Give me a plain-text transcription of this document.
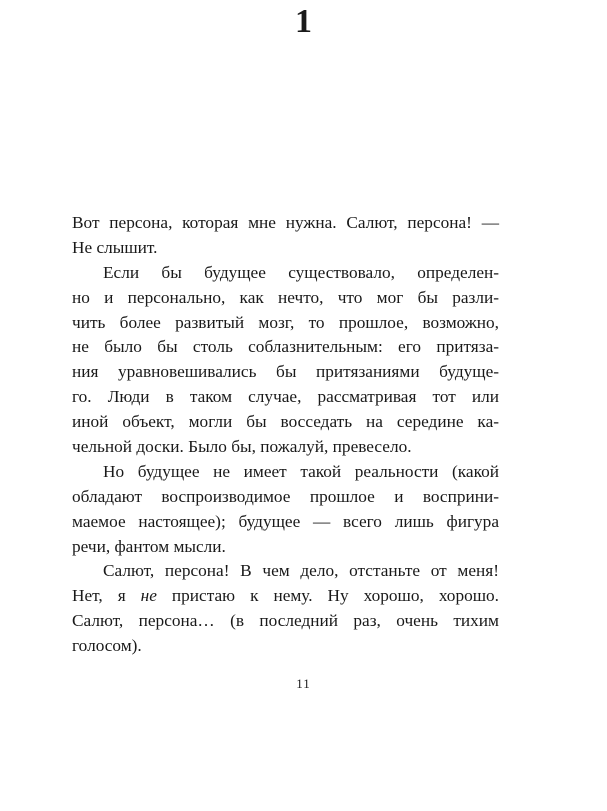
1
Вот персона, которая мне нужна. Салют, персона! —
Не слышит.
Если бы будущее существовало, определен-
но и персонально, как нечто, что мог бы разли-
чить более развитый мозг, то прошлое, возможно,
не было бы столь соблазнительным: его притяза-
ния уравновешивались бы притязаниями будуще-
го. Люди в таком случае, рассматривая тот или
иной объект, могли бы восседать на середине ка-
чельной доски. Было бы, пожалуй, превесело.
Но будущее не имеет такой реальности (какой
обладают воспроизводимое прошлое и восприни-
маемое настоящее); будущее — всего лишь фигура
речи, фантом мысли.
Салют, персона! В чем дело, отстаньте от меня!
Нет, я не пристаю к нему. Ну хорошо, хорошо.
Салют, персона… (в последний раз, очень тихим
голосом).
11
